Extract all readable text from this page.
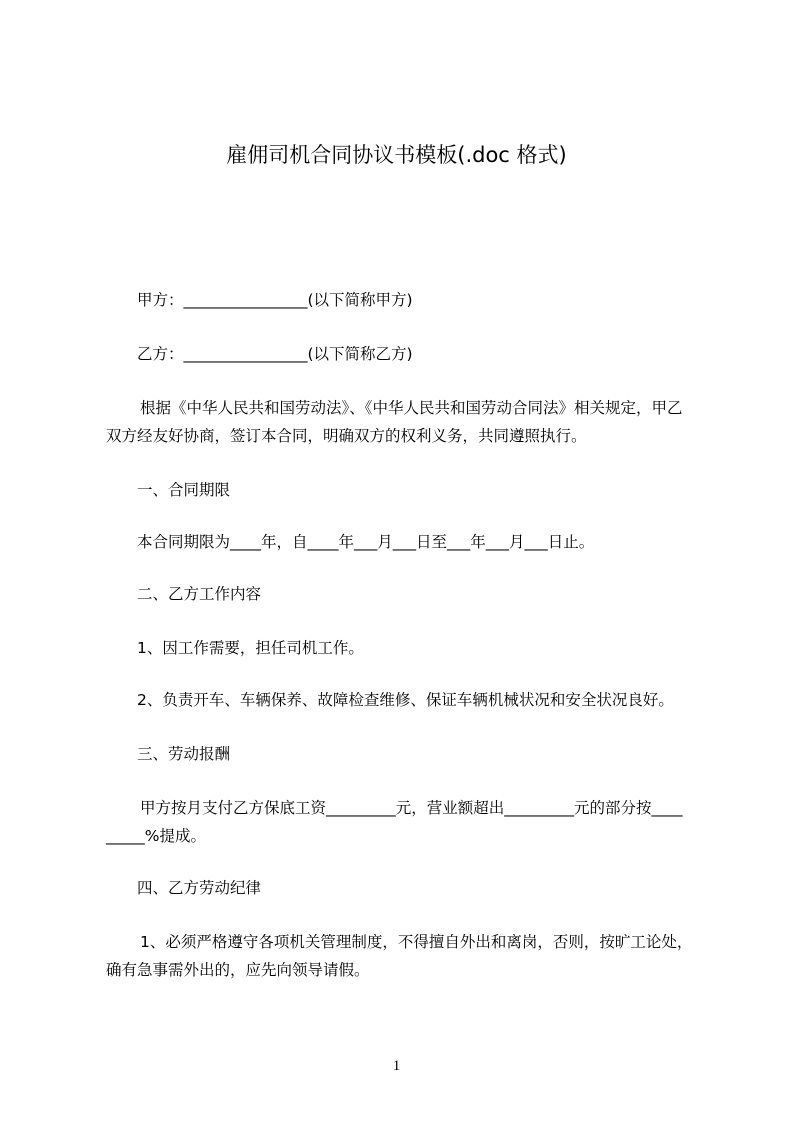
雇佣司机合同协议书模板(.doc 格式)
甲方：________________(以下简称甲方)
乙方：________________(以下简称乙方)
根据《中华人民共和国劳动法》、《中华人民共和国劳动合同法》相关规定，甲乙
双方经友好协商，签订本合同，明确双方的权利义务，共同遵照执行。
一、合同期限
本合同期限为____年，自____年___月___日至___年___月___日止。
二、乙方工作内容
1、因工作需要，担任司机工作。
2、负责开车、车辆保养、故障检查维修、保证车辆机械状况和安全状况良好。
三、劳动报酬
甲方按月支付乙方保底工资_________元，营业额超出_________元的部分按____
_____%提成。
四、乙方劳动纪律
1、必须严格遵守各项机关管理制度，不得擅自外出和离岗，否则，按旷工论处，
确有急事需外出的，应先向领导请假。
1
